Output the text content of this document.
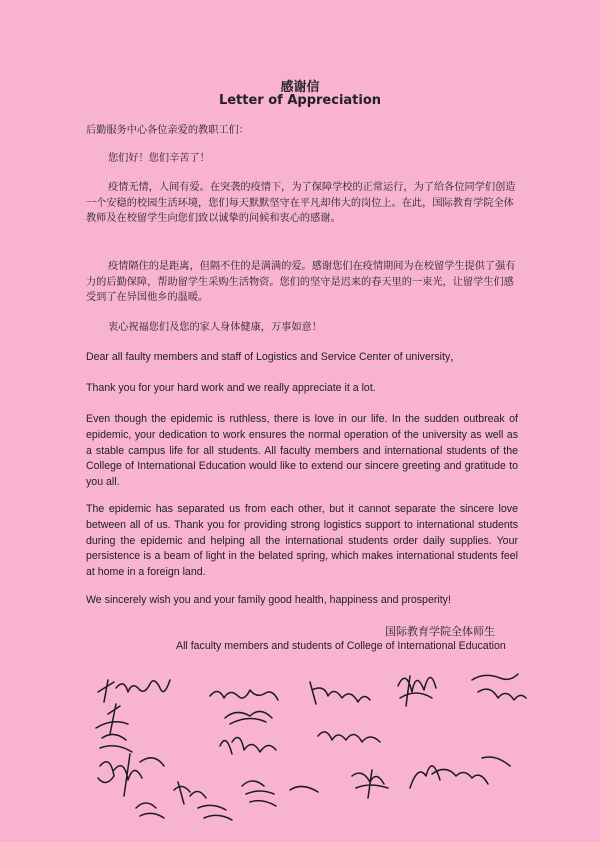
感谢信
Letter of Appreciation

后勤服务中心各位亲爱的教职工们：

您们好！您们辛苦了！

疫情无情，人间有爱。在突袭的疫情下，为了保障学校的正常运行，为了给各位同学们创造一个安稳的校园生活环境，您们每天默默坚守在平凡却伟大的岗位上。在此，国际教育学院全体教师及在校留学生向您们致以诚挚的问候和衷心的感谢。

疫情隔住的是距离，但隔不住的是满满的爱。感谢您们在疫情期间为在校留学生提供了强有力的后勤保障，帮助留学生采购生活物资。您们的坚守是迟来的春天里的一束光，让留学生们感受到了在异国他乡的温暖。

衷心祝福您们及您的家人身体健康，万事如意！

Dear all faulty members and staff of Logistics and Service Center of university，

Thank you for your hard work and we really appreciate it a lot.

Even though the epidemic is ruthless, there is love in our life. In the sudden outbreak of epidemic, your dedication to work ensures the normal operation of the university as well as a stable campus life for all students. All faculty members and international students of the College of International Education would like to extend our sincere greeting and gratitude to you all.

The epidemic has separated us from each other, but it cannot separate the sincere love between all of us. Thank you for providing strong logistics support to international students during the epidemic and helping all the international students order daily supplies. Your persistence is a beam of light in the belated spring, which makes international students feel at home in a foreign land.

We sincerely wish you and your family good health, happiness and prosperity!

国际教育学院全体师生
All faculty members and students of College of International Education
